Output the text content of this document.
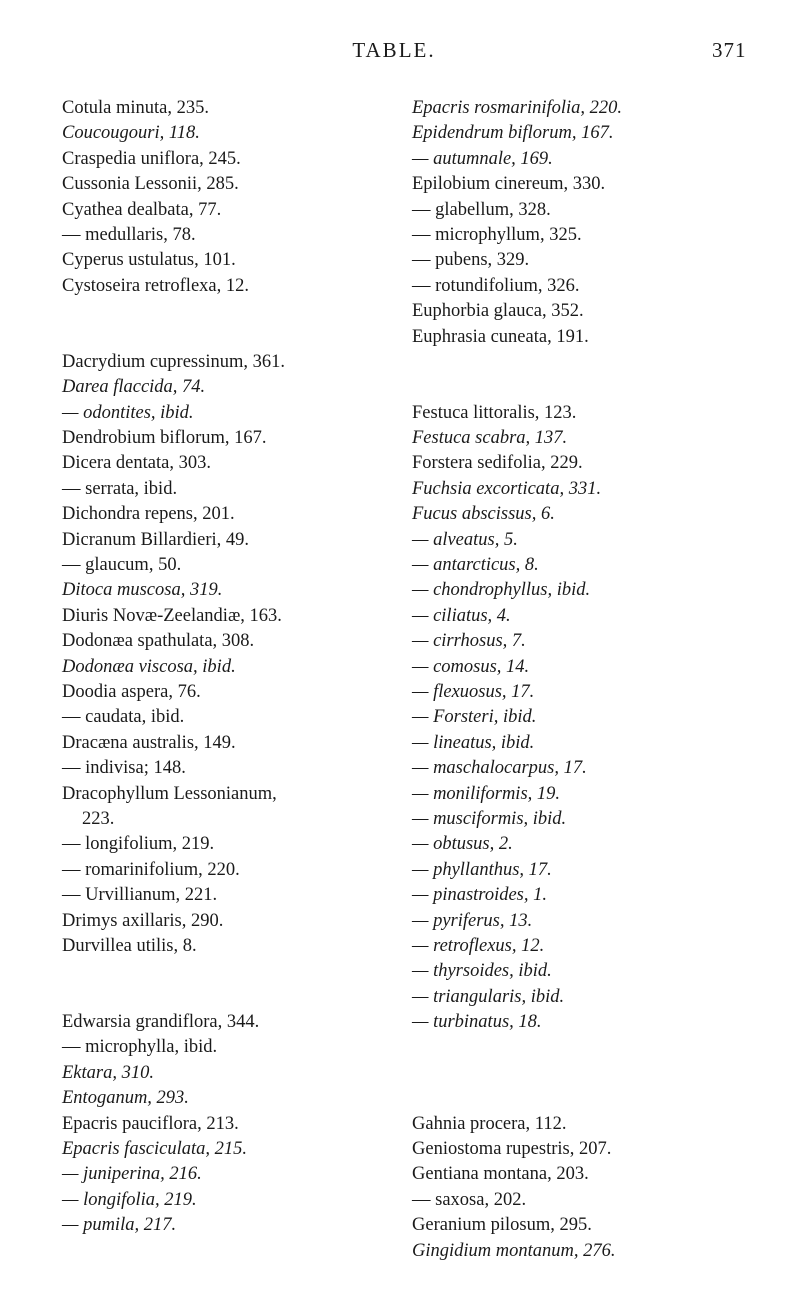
TABLE.	371
Cotula minuta, 235.
Coucougouri, 118.
Craspedia uniflora, 245.
Cussonia Lessonii, 285.
Cyathea dealbata, 77.
— medullaris, 78.
Cyperus ustulatus, 101.
Cystoseira retroflexa, 12.
Dacrydium cupressinum, 361.
Darea flaccida, 74.
— odontites, ibid.
Dendrobium biflorum, 167.
Dicera dentata, 303.
— serrata, ibid.
Dichondra repens, 201.
Dicranum Billardieri, 49.
— glaucum, 50.
Ditoca muscosa, 319.
Diuris Novæ-Zeelandiæ, 163.
Dodonæa spathulata, 308.
Dodonæa viscosa, ibid.
Doodia aspera, 76.
— caudata, ibid.
Dracæna australis, 149.
— indivisa; 148.
Dracophyllum Lessonianum,
223.
— longifolium, 219.
— romarinifolium, 220.
— Urvillianum, 221.
Drimys axillaris, 290.
Durvillea utilis, 8.
Edwarsia grandiflora, 344.
— microphylla, ibid.
Ektara, 310.
Entoganum, 293.
Epacris pauciflora, 213.
Epacris fasciculata, 215.
— juniperina, 216.
— longifolia, 219.
— pumila, 217.
Epacris rosmarinifolia, 220.
Epidendrum biflorum, 167.
— autumnale, 169.
Epilobium cinereum, 330.
— glabellum, 328.
— microphyllum, 325.
— pubens, 329.
— rotundifolium, 326.
Euphorbia glauca, 352.
Euphrasia cuneata, 191.
Festuca littoralis, 123.
Festuca scabra, 137.
Forstera sedifolia, 229.
Fuchsia excorticata, 331.
Fucus abscissus, 6.
— alveatus, 5.
— antarcticus, 8.
— chondrophyllus, ibid.
— ciliatus, 4.
— cirrhosus, 7.
— comosus, 14.
— flexuosus, 17.
— Forsteri, ibid.
— lineatus, ibid.
— maschalocarpus, 17.
— moniliformis, 19.
— musciformis, ibid.
— obtusus, 2.
— phyllanthus, 17.
— pinastroides, 1.
— pyriferus, 13.
— retroflexus, 12.
— thyrsoides, ibid.
— triangularis, ibid.
— turbinatus, 18.
Gahnia procera, 112.
Geniostoma rupestris, 207.
Gentiana montana, 203.
— saxosa, 202.
Geranium pilosum, 295.
Gingidium montanum, 276.
